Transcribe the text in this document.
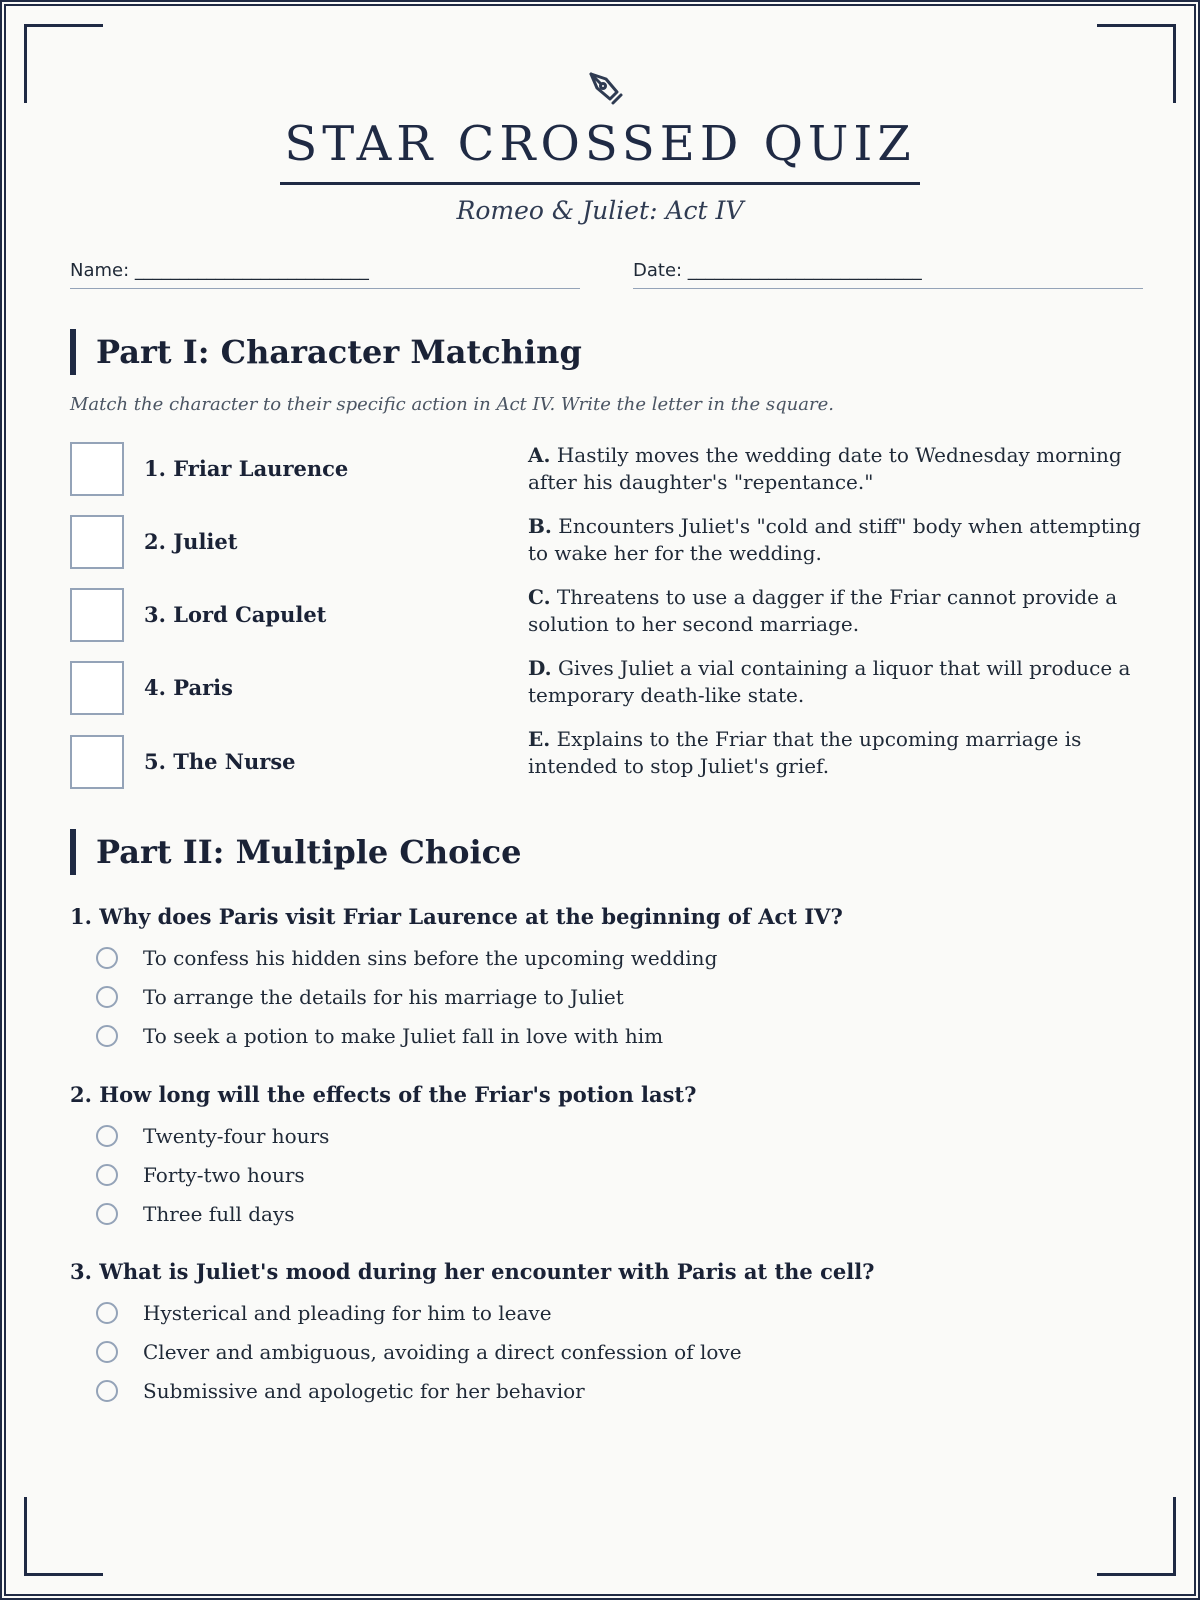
STAR CROSSED QUIZ
Romeo & Juliet: Act IV
Name: __________________________	Date: __________________________
Part I: Character Matching
Match the character to their specific action in Act IV. Write the letter in the square.
1. Friar Laurence
2. Juliet
3. Lord Capulet
4. Paris
5. The Nurse
A. Hastily moves the wedding date to Wednesday morning after his daughter's "repentance."
B. Encounters Juliet's "cold and stiff" body when attempting to wake her for the wedding.
C. Threatens to use a dagger if the Friar cannot provide a solution to her second marriage.
D. Gives Juliet a vial containing a liquor that will produce a temporary death-like state.
E. Explains to the Friar that the upcoming marriage is intended to stop Juliet's grief.
Part II: Multiple Choice
1. Why does Paris visit Friar Laurence at the beginning of Act IV?
To confess his hidden sins before the upcoming wedding
To arrange the details for his marriage to Juliet
To seek a potion to make Juliet fall in love with him
2. How long will the effects of the Friar's potion last?
Twenty-four hours
Forty-two hours
Three full days
3. What is Juliet's mood during her encounter with Paris at the cell?
Hysterical and pleading for him to leave
Clever and ambiguous, avoiding a direct confession of love
Submissive and apologetic for her behavior
